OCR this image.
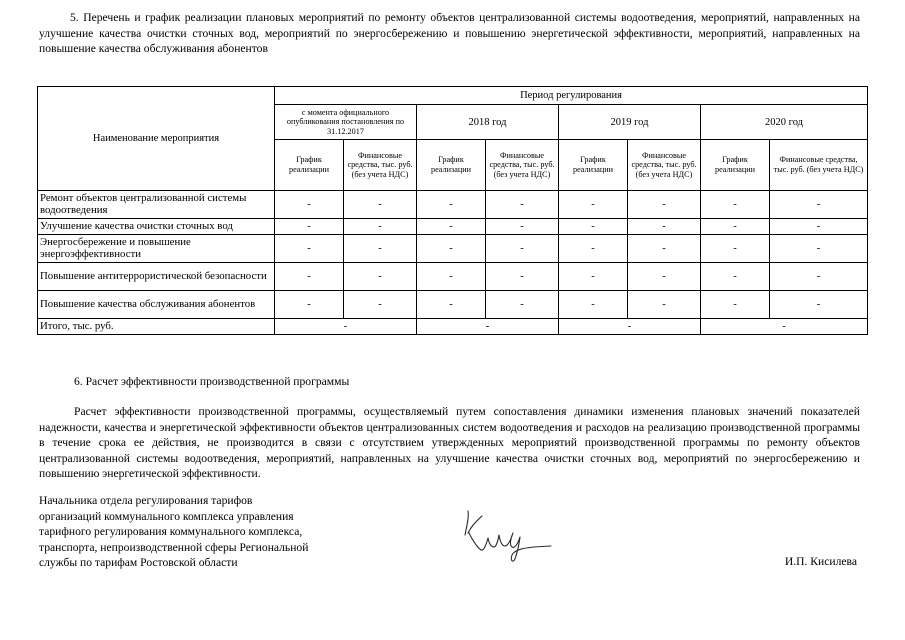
5. Перечень и график реализации плановых мероприятий по ремонту объектов централизованной системы водоотведения, мероприятий, направленных на улучшение качества очистки сточных вод, мероприятий по энергосбережению и повышению энергетической эффективности, мероприятий, направленных на повышение качества обслуживания абонентов
Наименование мероприятия	Период регулирования							
	с момента официального опубликования постановления по 31.12.2017		2018 год		2019 год		2020 год	
	График реализации	Финансовые средства, тыс. руб. (без учета НДС)	График реализации	Финансовые средства, тыс. руб. (без учета НДС)	График реализации	Финансовые средства, тыс. руб. (без учета НДС)	График реализации	Финансовые средства, тыс. руб. (без учета НДС)
Ремонт объектов централизованной системы водоотведения	-	-	-	-	-	-	-	-
Улучшение качества очистки сточных вод	-	-	-	-	-	-	-	-
Энергосбережение и повышение энергоэффективности	-	-	-	-	-	-	-	-
Повышение антитеррористической безопасности	-	-	-	-	-	-	-	-
Повышение качества обслуживания абонентов	-	-	-	-	-	-	-	-
Итого, тыс. руб.	-		-		-		-	
6. Расчет эффективности производственной программы
Расчет эффективности производственной программы, осуществляемый путем сопоставления динамики изменения плановых значений показателей надежности, качества и энергетической эффективности объектов централизованных систем водоотведения и расходов на реализацию производственной программы в течение срока ее действия, не производится в связи с отсутствием утвержденных мероприятий производственной программы по ремонту объектов централизованной системы водоотведения, мероприятий, направленных на улучшение качества очистки сточных вод, мероприятий по энергосбережению и повышению энергетической эффективности.
Начальника отдела регулирования тарифов
организаций коммунального комплекса управления
тарифного регулирования коммунального комплекса,
транспорта, непроизводственной сферы Региональной
службы по тарифам Ростовской области	И.П. Кисилева
